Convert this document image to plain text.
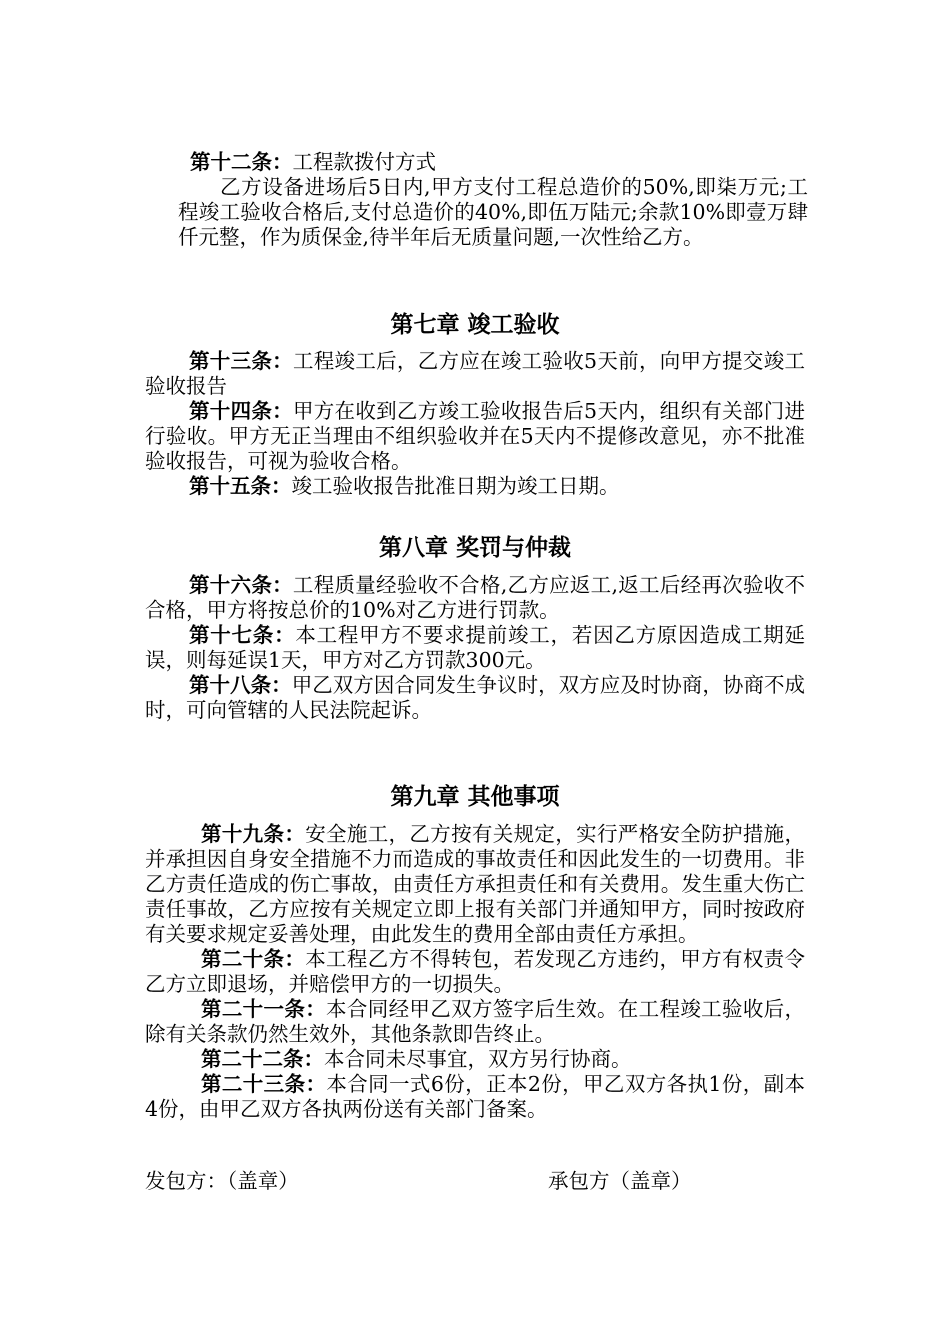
第十二条：工程款拨付方式
乙方设备进场后5日内,甲方支付工程总造价的50%,即柒万元;工程竣工验收合格后,支付总造价的40%,即伍万陆元;余款10%即壹万肆仟元整，作为质保金,待半年后无质量问题,一次性给乙方。
第七章 竣工验收
第十三条：工程竣工后，乙方应在竣工验收5天前，向甲方提交竣工验收报告
第十四条：甲方在收到乙方竣工验收报告后5天内，组织有关部门进行验收。甲方无正当理由不组织验收并在5天内不提修改意见，亦不批准验收报告，可视为验收合格。
第十五条：竣工验收报告批准日期为竣工日期。
第八章 奖罚与仲裁
第十六条：工程质量经验收不合格,乙方应返工,返工后经再次验收不合格，甲方将按总价的10%对乙方进行罚款。
第十七条：本工程甲方不要求提前竣工，若因乙方原因造成工期延误，则每延误1天，甲方对乙方罚款300元。
第十八条：甲乙双方因合同发生争议时，双方应及时协商，协商不成时，可向管辖的人民法院起诉。
第九章 其他事项
第十九条：安全施工，乙方按有关规定，实行严格安全防护措施，并承担因自身安全措施不力而造成的事故责任和因此发生的一切费用。非乙方责任造成的伤亡事故，由责任方承担责任和有关费用。发生重大伤亡责任事故，乙方应按有关规定立即上报有关部门并通知甲方，同时按政府有关要求规定妥善处理，由此发生的费用全部由责任方承担。
第二十条：本工程乙方不得转包，若发现乙方违约，甲方有权责令乙方立即退场，并赔偿甲方的一切损失。
第二十一条：本合同经甲乙双方签字后生效。在工程竣工验收后，除有关条款仍然生效外，其他条款即告终止。
第二十二条：本合同未尽事宜，双方另行协商。
第二十三条：本合同一式6份，正本2份，甲乙双方各执1份，副本4份，由甲乙双方各执两份送有关部门备案。
发包方：（盖章）	承包方（盖章）
